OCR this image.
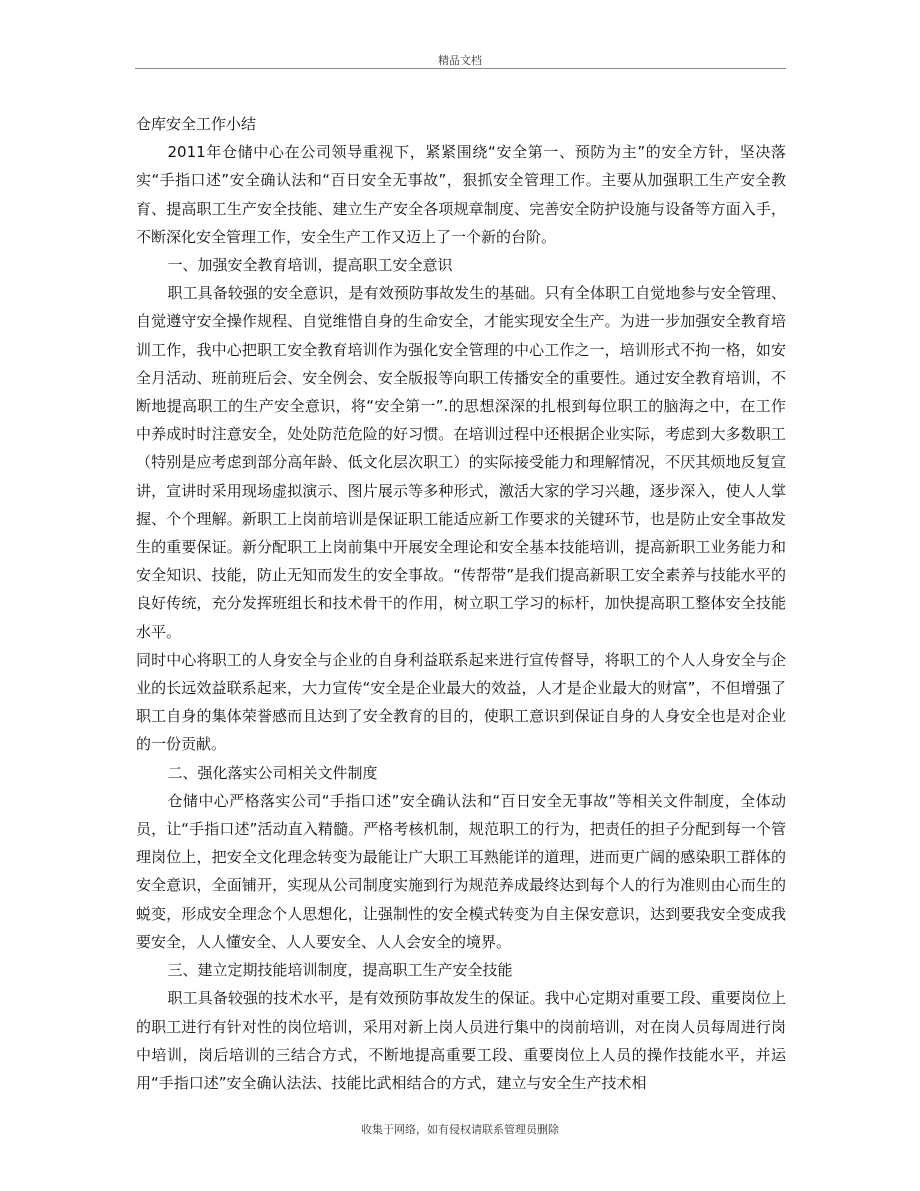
精品文档

仓库安全工作小结

2011年仓储中心在公司领导重视下，紧紧围绕“安全第一、预防为主”的安全方针，坚决落实“手指口述”安全确认法和“百日安全无事故”，狠抓安全管理工作。主要从加强职工生产安全教育、提高职工生产安全技能、建立生产安全各项规章制度、完善安全防护设施与设备等方面入手，不断深化安全管理工作，安全生产工作又迈上了一个新的台阶。

一、加强安全教育培训，提高职工安全意识

职工具备较强的安全意识，是有效预防事故发生的基础。只有全体职工自觉地参与安全管理、自觉遵守安全操作规程、自觉维惜自身的生命安全，才能实现安全生产。为进一步加强安全教育培训工作，我中心把职工安全教育培训作为强化安全管理的中心工作之一，培训形式不拘一格，如安全月活动、班前班后会、安全例会、安全版报等向职工传播安全的重要性。通过安全教育培训，不断地提高职工的生产安全意识，将“安全第一”.的思想深深的扎根到每位职工的脑海之中，在工作中养成时时注意安全，处处防范危险的好习惯。在培训过程中还根据企业实际，考虑到大多数职工（特别是应考虑到部分高年龄、低文化层次职工）的实际接受能力和理解情况，不厌其烦地反复宣讲，宣讲时采用现场虚拟演示、图片展示等多种形式，激活大家的学习兴趣，逐步深入，使人人掌握、个个理解。新职工上岗前培训是保证职工能适应新工作要求的关键环节，也是防止安全事故发生的重要保证。新分配职工上岗前集中开展安全理论和安全基本技能培训，提高新职工业务能力和安全知识、技能，防止无知而发生的安全事故。“传帮带”是我们提高新职工安全素养与技能水平的良好传统，充分发挥班组长和技术骨干的作用，树立职工学习的标杆，加快提高职工整体安全技能水平。

同时中心将职工的人身安全与企业的自身利益联系起来进行宣传督导，将职工的个人人身安全与企业的长远效益联系起来，大力宣传“安全是企业最大的效益，人才是企业最大的财富”，不但增强了职工自身的集体荣誉感而且达到了安全教育的目的，使职工意识到保证自身的人身安全也是对企业的一份贡献。

二、强化落实公司相关文件制度

仓储中心严格落实公司“手指口述”安全确认法和“百日安全无事故”等相关文件制度，全体动员，让“手指口述”活动直入精髓。严格考核机制，规范职工的行为，把责任的担子分配到每一个管理岗位上，把安全文化理念转变为最能让广大职工耳熟能详的道理，进而更广阔的感染职工群体的安全意识，全面铺开，实现从公司制度实施到行为规范养成最终达到每个人的行为准则由心而生的蜕变，形成安全理念个人思想化，让强制性的安全模式转变为自主保安意识，达到要我安全变成我要安全，人人懂安全、人人要安全、人人会安全的境界。

三、建立定期技能培训制度，提高职工生产安全技能

职工具备较强的技术水平，是有效预防事故发生的保证。我中心定期对重要工段、重要岗位上的职工进行有针对性的岗位培训，采用对新上岗人员进行集中的岗前培训，对在岗人员每周进行岗中培训，岗后培训的三结合方式，不断地提高重要工段、重要岗位上人员的操作技能水平，并运用“手指口述”安全确认法法、技能比武相结合的方式，建立与安全生产技术相

收集于网络，如有侵权请联系管理员删除
